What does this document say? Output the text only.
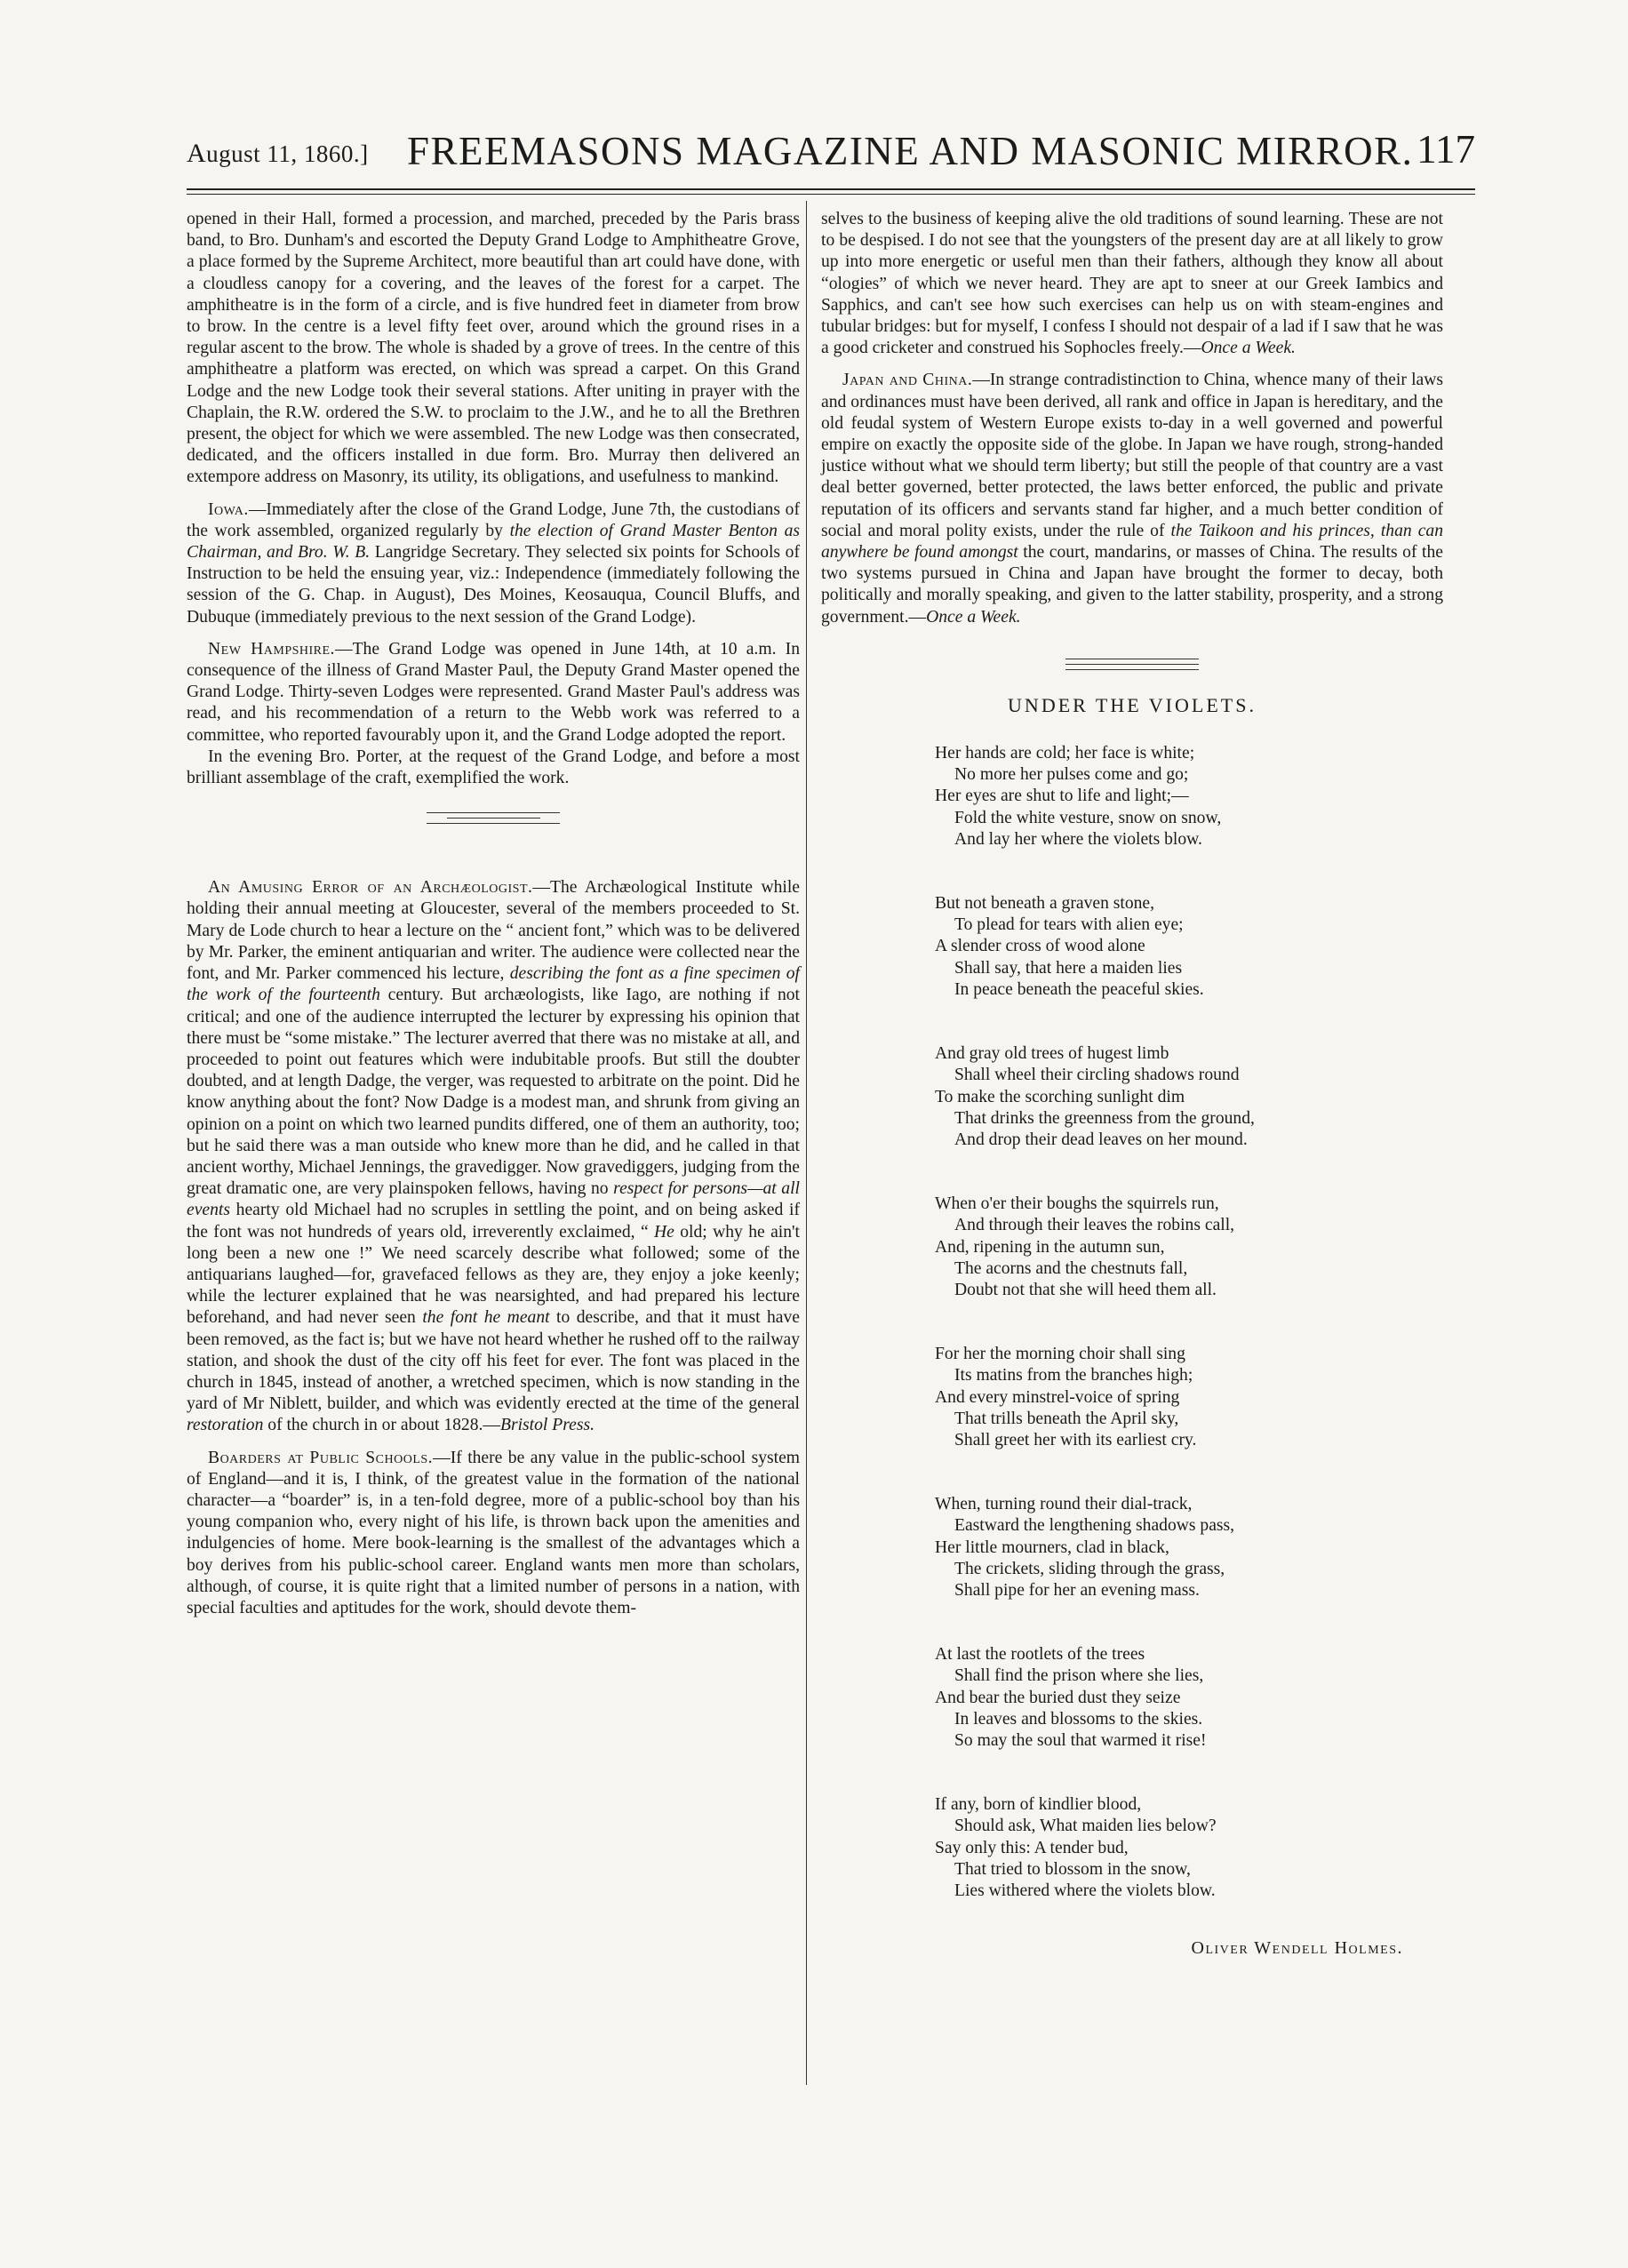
August 11, 1860.] FREEMASONS MAGAZINE AND MASONIC MIRROR. 117

opened in their Hall, formed a procession, and marched, preceded by the Paris brass band, to Bro. Dunham's and escorted the Deputy Grand Lodge to Amphitheatre Grove, a place formed by the Supreme Architect, more beautiful than art could have done, with a cloudless canopy for a covering, and the leaves of the forest for a carpet. The amphitheatre is in the form of a circle, and is five hundred feet in diameter from brow to brow. In the centre is a level fifty feet over, around which the ground rises in a regular ascent to the brow. The whole is shaded by a grove of trees. In the centre of this amphitheatre a platform was erected, on which was spread a carpet. On this Grand Lodge and the new Lodge took their several stations. After uniting in prayer with the Chaplain, the R.W. ordered the S.W. to proclaim to the J.W., and he to all the Brethren present, the object for which we were assembled. The new Lodge was then consecrated, dedicated, and the officers installed in due form. Bro. Murray then delivered an extempore address on Masonry, its utility, its obligations, and usefulness to mankind.

Iowa.—Immediately after the close of the Grand Lodge, June 7th, the custodians of the work assembled, organized regularly by the election of Grand Master Benton as Chairman, and Bro. W. B. Langridge Secretary. They selected six points for Schools of Instruction to be held the ensuing year, viz.: Independence (immediately following the session of the G. Chap. in August), Des Moines, Keosauqua, Council Bluffs, and Dubuque (immediately previous to the next session of the Grand Lodge).

New Hampshire.—The Grand Lodge was opened in June 14th, at 10 a.m. In consequence of the illness of Grand Master Paul, the Deputy Grand Master opened the Grand Lodge. Thirty-seven Lodges were represented. Grand Master Paul's address was read, and his recommendation of a return to the Webb work was referred to a committee, who reported favourably upon it, and the Grand Lodge adopted the report.

In the evening Bro. Porter, at the request of the Grand Lodge, and before a most brilliant assemblage of the craft, exemplified the work.

An Amusing Error of an Archæologist.—The Archæological Institute while holding their annual meeting at Gloucester, several of the members proceeded to St. Mary de Lode church to hear a lecture on the “ ancient font,” which was to be delivered by Mr. Parker, the eminent antiquarian and writer. The audience were collected near the font, and Mr. Parker commenced his lecture, describing the font as a fine specimen of the work of the fourteenth century. But archæologists, like Iago, are nothing if not critical; and one of the audience interrupted the lecturer by expressing his opinion that there must be “some mistake.” The lecturer averred that there was no mistake at all, and proceeded to point out features which were indubitable proofs. But still the doubter doubted, and at length Dadge, the verger, was requested to arbitrate on the point. Did he know anything about the font? Now Dadge is a modest man, and shrunk from giving an opinion on a point on which two learned pundits differed, one of them an authority, too; but he said there was a man outside who knew more than he did, and he called in that ancient worthy, Michael Jennings, the gravedigger. Now gravediggers, judging from the great dramatic one, are very plainspoken fellows, having no respect for persons—at all events hearty old Michael had no scruples in settling the point, and on being asked if the font was not hundreds of years old, irreverently exclaimed, “ He old; why he ain't long been a new one !” We need scarcely describe what followed; some of the antiquarians laughed—for, gravefaced fellows as they are, they enjoy a joke keenly; while the lecturer explained that he was nearsighted, and had prepared his lecture beforehand, and had never seen the font he meant to describe, and that it must have been removed, as the fact is; but we have not heard whether he rushed off to the railway station, and shook the dust of the city off his feet for ever. The font was placed in the church in 1845, instead of another, a wretched specimen, which is now standing in the yard of Mr Niblett, builder, and which was evidently erected at the time of the general restoration of the church in or about 1828.—Bristol Press.

Boarders at Public Schools.—If there be any value in the public-school system of England—and it is, I think, of the greatest value in the formation of the national character—a “boarder” is, in a ten-fold degree, more of a public-school boy than his young companion who, every night of his life, is thrown back upon the amenities and indulgencies of home. Mere book-learning is the smallest of the advantages which a boy derives from his public-school career. England wants men more than scholars, although, of course, it is quite right that a limited number of persons in a nation, with special faculties and aptitudes for the work, should devote them-

selves to the business of keeping alive the old traditions of sound learning. These are not to be despised. I do not see that the youngsters of the present day are at all likely to grow up into more energetic or useful men than their fathers, although they know all about “ologies” of which we never heard. They are apt to sneer at our Greek Iambics and Sapphics, and can't see how such exercises can help us on with steam-engines and tubular bridges: but for myself, I confess I should not despair of a lad if I saw that he was a good cricketer and construed his Sophocles freely.—Once a Week.

Japan and China.—In strange contradistinction to China, whence many of their laws and ordinances must have been derived, all rank and office in Japan is hereditary, and the old feudal system of Western Europe exists to-day in a well governed and powerful empire on exactly the opposite side of the globe. In Japan we have rough, strong-handed justice without what we should term liberty; but still the people of that country are a vast deal better governed, better protected, the laws better enforced, the public and private reputation of its officers and servants stand far higher, and a much better condition of social and moral polity exists, under the rule of the Taikoon and his princes, than can anywhere be found amongst the court, mandarins, or masses of China. The results of the two systems pursued in China and Japan have brought the former to decay, both politically and morally speaking, and given to the latter stability, prosperity, and a strong government.—Once a Week.

UNDER THE VIOLETS.
Her hands are cold; her face is white;
No more her pulses come and go;
Her eyes are shut to life and light;—
Fold the white vesture, snow on snow,
And lay her where the violets blow.
But not beneath a graven stone,
To plead for tears with alien eye;
A slender cross of wood alone
Shall say, that here a maiden lies
In peace beneath the peaceful skies.
And gray old trees of hugest limb
Shall wheel their circling shadows round
To make the scorching sunlight dim
That drinks the greenness from the ground,
And drop their dead leaves on her mound.
When o'er their boughs the squirrels run,
And through their leaves the robins call,
And, ripening in the autumn sun,
The acorns and the chestnuts fall,
Doubt not that she will heed them all.
For her the morning choir shall sing
Its matins from the branches high;
And every minstrel-voice of spring
That trills beneath the April sky,
Shall greet her with its earliest cry.
When, turning round their dial-track,
Eastward the lengthening shadows pass,
Her little mourners, clad in black,
The crickets, sliding through the grass,
Shall pipe for her an evening mass.
At last the rootlets of the trees
Shall find the prison where she lies,
And bear the buried dust they seize
In leaves and blossoms to the skies.
So may the soul that warmed it rise!
If any, born of kindlier blood,
Should ask, What maiden lies below?
Say only this: A tender bud,
That tried to blossom in the snow,
Lies withered where the violets blow.
Oliver Wendell Holmes.
